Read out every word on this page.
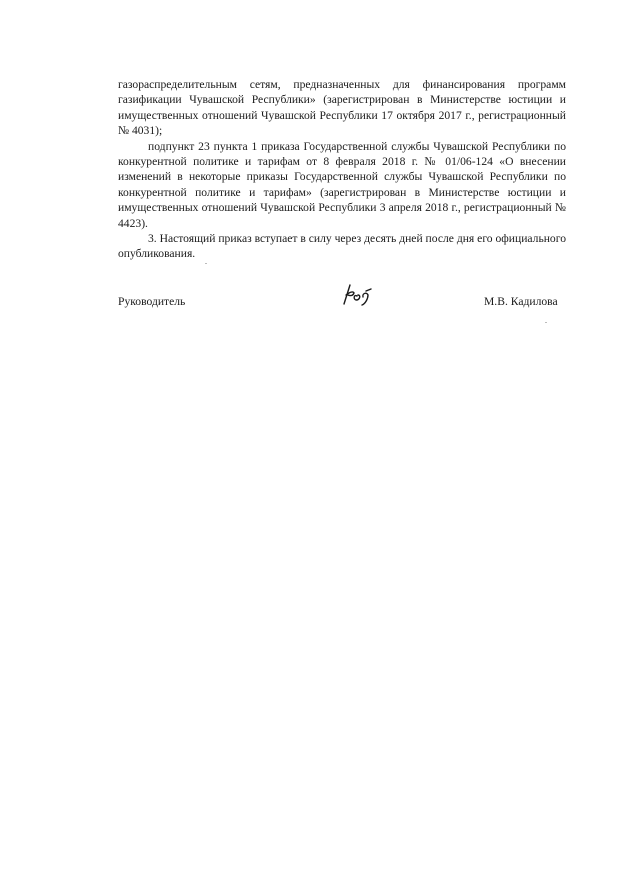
газораспределительным сетям, предназначенных для финансирования программ газификации Чувашской Республики» (зарегистрирован в Министерстве юстиции и имущественных отношений Чувашской Республики 17 октября 2017 г., регистрационный № 4031);

подпункт 23 пункта 1 приказа Государственной службы Чувашской Республики по конкурентной политике и тарифам от 8 февраля 2018 г. № 01/06-124 «О внесении изменений в некоторые приказы Государственной службы Чувашской Республики по конкурентной политике и тарифам» (зарегистрирован в Министерстве юстиции и имущественных отношений Чувашской Республики 3 апреля 2018 г., регистрационный № 4423).

3. Настоящий приказ вступает в силу через десять дней после дня его официального опубликования.

Руководитель	М.В. Кадилова
